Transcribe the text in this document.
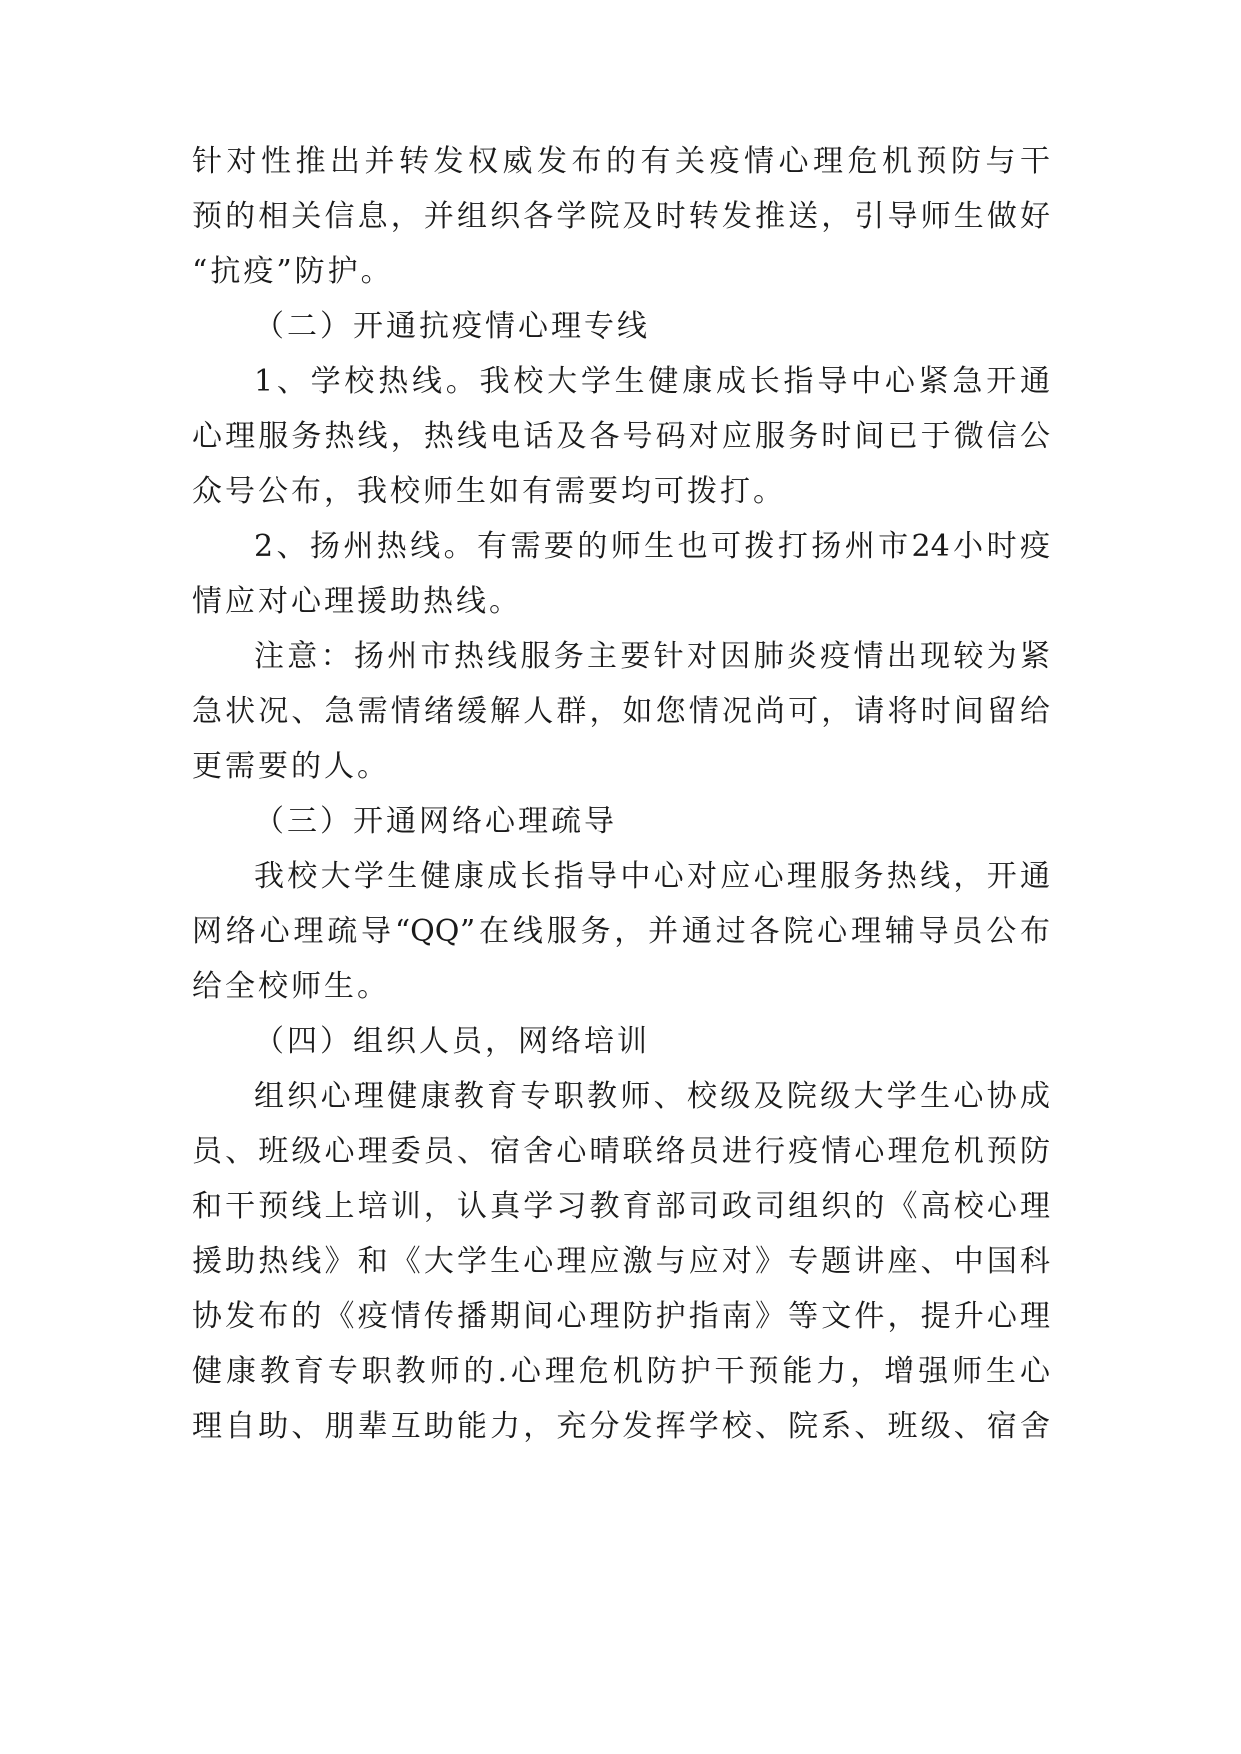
针对性推出并转发权威发布的有关疫情心理危机预防与干
预的相关信息，并组织各学院及时转发推送，引导师生做好
“抗疫”防护。
（二）开通抗疫情心理专线
1、学校热线。我校大学生健康成长指导中心紧急开通
心理服务热线，热线电话及各号码对应服务时间已于微信公
众号公布，我校师生如有需要均可拨打。
2、扬州热线。有需要的师生也可拨打扬州市24小时疫
情应对心理援助热线。
注意：扬州市热线服务主要针对因肺炎疫情出现较为紧
急状况、急需情绪缓解人群，如您情况尚可，请将时间留给
更需要的人。
（三）开通网络心理疏导
我校大学生健康成长指导中心对应心理服务热线，开通
网络心理疏导“QQ”在线服务，并通过各院心理辅导员公布
给全校师生。
（四）组织人员，网络培训
组织心理健康教育专职教师、校级及院级大学生心协成
员、班级心理委员、宿舍心晴联络员进行疫情心理危机预防
和干预线上培训，认真学习教育部司政司组织的《高校心理
援助热线》和《大学生心理应激与应对》专题讲座、中国科
协发布的《疫情传播期间心理防护指南》等文件，提升心理
健康教育专职教师的.心理危机防护干预能力，增强师生心
理自助、朋辈互助能力，充分发挥学校、院系、班级、宿舍
